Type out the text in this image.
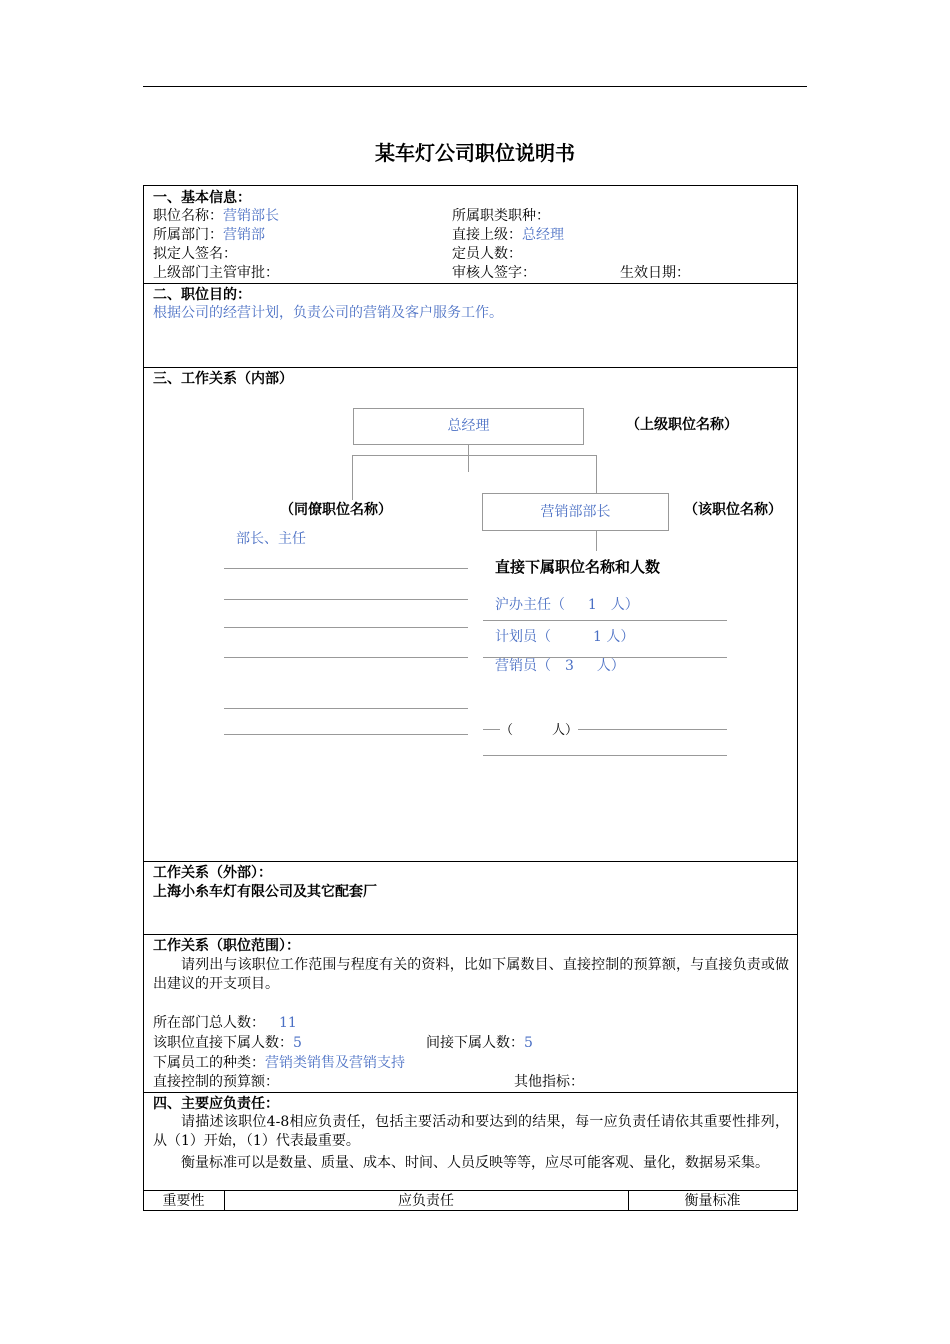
某车灯公司职位说明书
一、基本信息：
职位名称：营销部长	所属职类职种：
所属部门：营销部	直接上级：总经理
拟定人签名：	定员人数：
上级部门主管审批：	审核人签字：	生效日期：
二、职位目的：
根据公司的经营计划，负责公司的营销及客户服务工作。
三、工作关系（内部）
总经理	（上级职位名称）
（同僚职位名称）	营销部部长	（该职位名称）
部长、主任
直接下属职位名称和人数
沪办主任（　  1　人）
计划员（　　　1 人）
营销员（　3　  人）
（　　　人）
工作关系（外部）：
上海小糸车灯有限公司及其它配套厂
工作关系（职位范围）：
请列出与该职位工作范围与程度有关的资料，比如下属数目、直接控制的预算额，与直接负责或做出建议的开支项目。
所在部门总人数： 11
该职位直接下属人数：5	间接下属人数：5
下属员工的种类：营销类销售及营销支持
直接控制的预算额：	其他指标：
四、主要应负责任：
请描述该职位4-8相应负责任，包括主要活动和要达到的结果，每一应负责任请依其重要性排列，从（1）开始，（1）代表最重要。
衡量标准可以是数量、质量、成本、时间、人员反映等等，应尽可能客观、量化，数据易采集。
重要性	应负责任	衡量标准
